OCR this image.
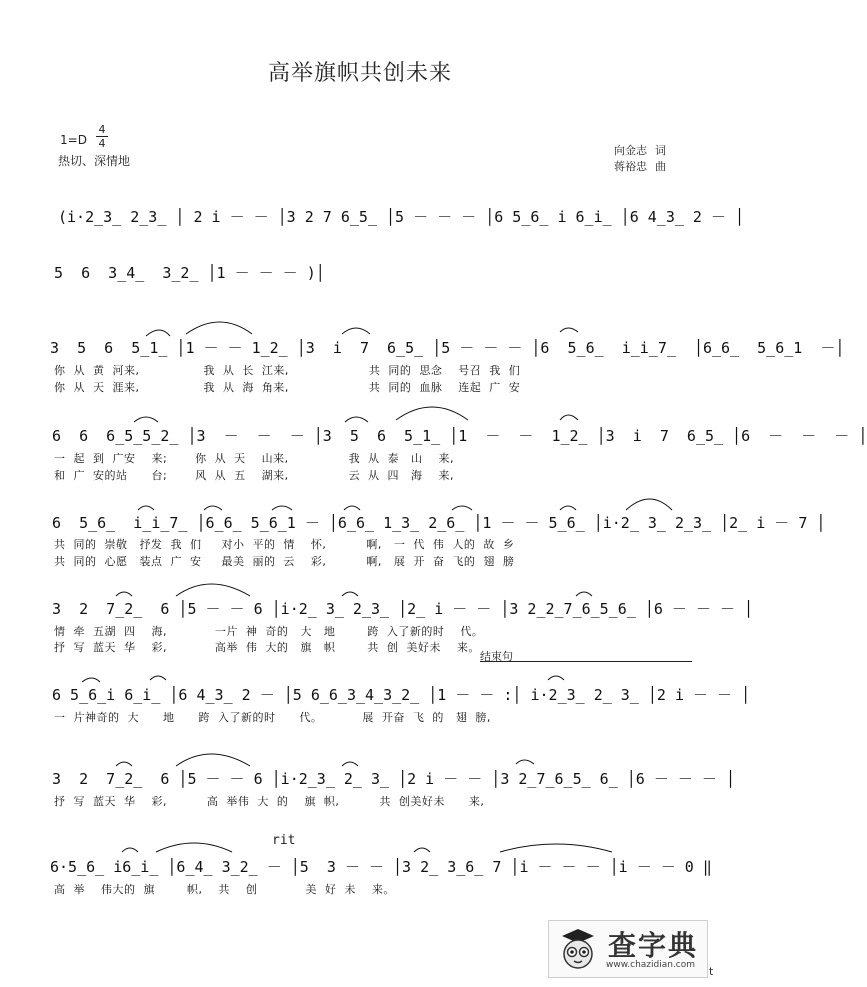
高举旗帜共创未来
1=D
4
4
热切、深情地
向金志 词
蒋裕忠 曲
(i·2̲3̲ 2̲3̲ │ 2 i － － │3 2 7 6̲5̲ │5 － － － │6 5̲6̲ i 6̲i̲ │6 4̲3̲ 2 － │
5  6  3̲4̲  3̲2̲ │1 － － － )│
3  5  6  5̲1̲ │1 － － 1̲2̲ │3  i  7  6̲5̲ │5 － － － │6  5̲6̲  i̲i̲7̲  │6̲6̲  5̲6̲1  －│
你  从  黄  河来,                我  从  长  江来,                    共  同的  思念    号召  我  们
你  从  天  涯来,                我  从  海  角来,                    共  同的  血脉    连起  广  安
6  6  6̲5̲5̲2̲ │3  －  －  － │3  5  6  5̲1̲ │1  －  －  1̲2̲ │3  i  7  6̲5̲ │6  －  －  － │
一  起  到  广安    来;       你  从  天    山来,               我  从  泰   山    来,
和  广  安的站      台;       风  从  五    湖来,               云  从  四   海    来,
6  5̲6̲  i̲i̲7̲ │6̲6̲ 5̲6̲1 － │6̲6̲ 1̲3̲ 2̲6̲ │1 － － 5̲6̲ │i·2̲ 3̲ 2̲3̲ │2̲ i － 7 │
共  同的  崇敬   抒发  我  们     对小  平的  情    怀,          啊,   一  代  伟  人的  故  乡
共  同的  心愿   装点  广  安     最美  丽的  云    彩,          啊,   展  开  奋  飞的  翅  膀
3  2  7̲2̲  6 │5 － － 6 │i·2̲ 3̲ 2̲3̲ │2̲ i － － │3 2̲2̲7̲6̲5̲6̲ │6 － － － │
情  牵  五湖  四    海,            一片  神  奇的   大   地        跨  入了新的时    代。
抒  写  蓝天  华    彩,            高举  伟  大的   旗   帜        共  创  美好未    来。
结束句
6 5̲6̲i 6̲i̲ │6 4̲3̲ 2 － │5 6̲6̲3̲4̲3̲2̲ │1 － － :│ i·2̲3̲ 2̲ 3̲ │2 i － － │
一  片神奇的  大      地      跨  入了新的时      代。          展  开奋  飞  的   翅  膀,
3  2  7̲2̲  6 │5 － － 6 │i·2̲3̲ 2̲ 3̲ │2 i － － │3 2̲7̲6̲5̲ 6̲ │6 － － － │
抒  写  蓝天  华    彩,          高  举伟  大  的    旗  帜,          共  创美好未      来,
rit
6·5̲6̲ i6̲i̲ │6̲4̲ 3̲2̲ － │5  3 － － │3 2̲ 3̲6̲ 7 │i － － － │i － － 0 ‖
高  举    伟大的  旗        帜,    共    创            美  好  未    来。
查字典
www.chazidian.com t
